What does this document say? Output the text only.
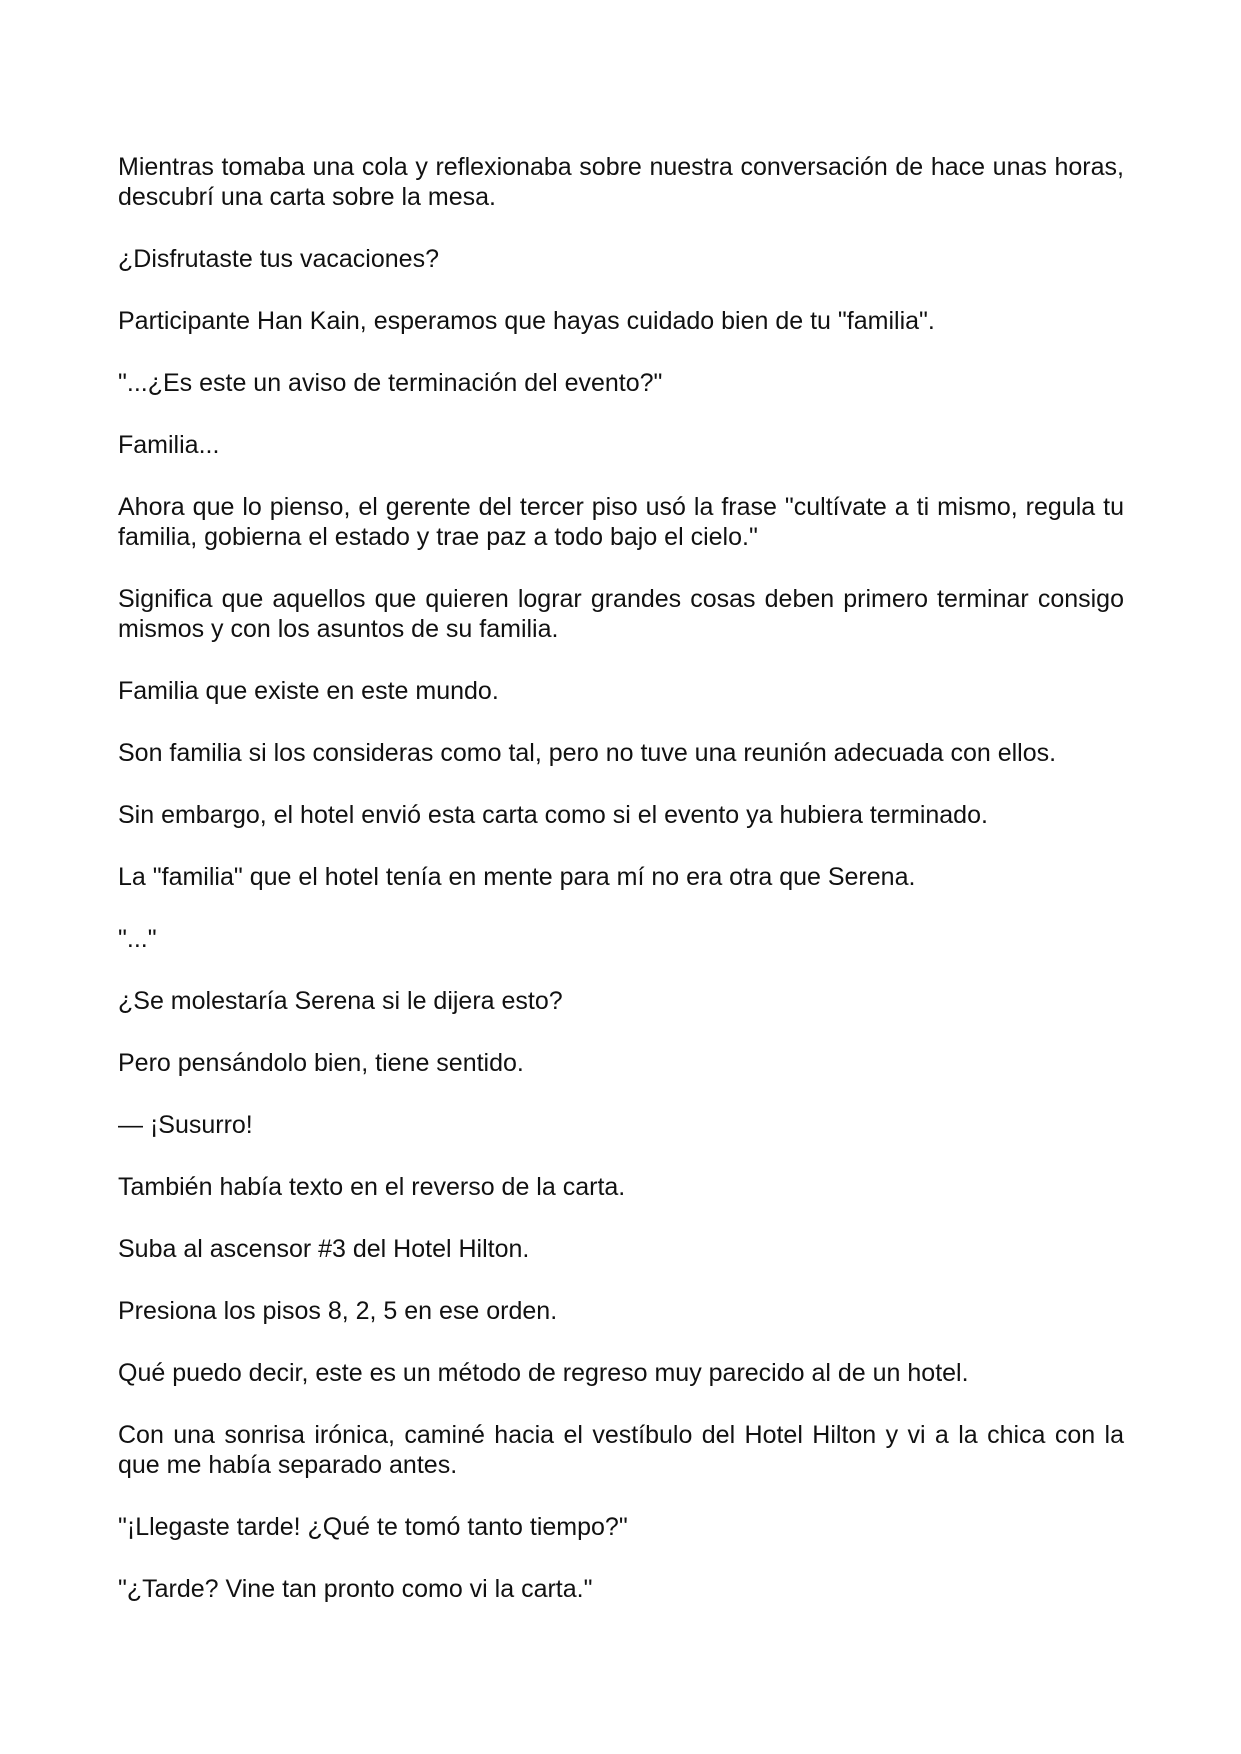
Mientras tomaba una cola y reflexionaba sobre nuestra conversación de hace unas horas, descubrí una carta sobre la mesa.

¿Disfrutaste tus vacaciones?

Participante Han Kain, esperamos que hayas cuidado bien de tu "familia".

"...¿Es este un aviso de terminación del evento?"

Familia...

Ahora que lo pienso, el gerente del tercer piso usó la frase "cultívate a ti mismo, regula tu familia, gobierna el estado y trae paz a todo bajo el cielo."

Significa que aquellos que quieren lograr grandes cosas deben primero terminar consigo mismos y con los asuntos de su familia.

Familia que existe en este mundo.

Son familia si los consideras como tal, pero no tuve una reunión adecuada con ellos.

Sin embargo, el hotel envió esta carta como si el evento ya hubiera terminado.

La "familia" que el hotel tenía en mente para mí no era otra que Serena.

"..."

¿Se molestaría Serena si le dijera esto?

Pero pensándolo bien, tiene sentido.

— ¡Susurro!

También había texto en el reverso de la carta.

Suba al ascensor #3 del Hotel Hilton.

Presiona los pisos 8, 2, 5 en ese orden.

Qué puedo decir, este es un método de regreso muy parecido al de un hotel.

Con una sonrisa irónica, caminé hacia el vestíbulo del Hotel Hilton y vi a la chica con la que me había separado antes.

"¡Llegaste tarde! ¿Qué te tomó tanto tiempo?"

"¿Tarde? Vine tan pronto como vi la carta."
